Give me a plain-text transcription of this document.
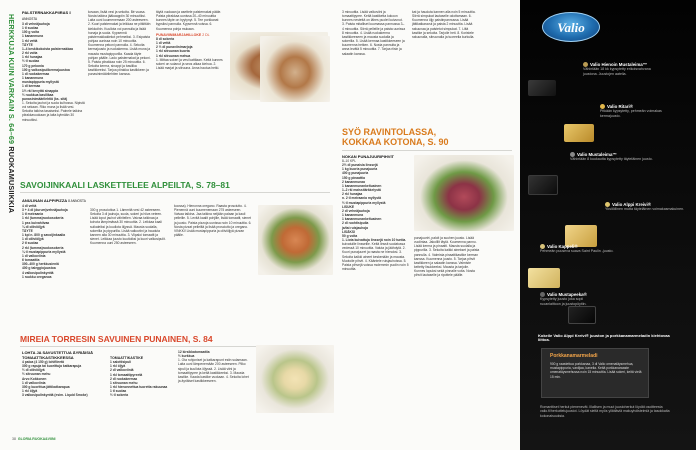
HERKKUJA KUIN VARKAIN S. 64–69 RUOKAMUSIIKKIA
PALSTERNAKKAPIIRAS 8 ANNOSTA
3 dl vehnäjauhoja
1 tl suolaa
100 g voita
1 kananmuna
1 rkl vettä
TÄYTE
1–4 keskikokoista palsternakkaa
2 rkl voita
1 rkl hunajaa
½ tl suolaa
170 g pekonia
100 g valkosipulikermajuustoa
1 dl ruokakermaa
1 kananmuna
mustapippuria myllystä
1 dl kermaa
1½ rkl kevyttä sinappia
½ ruukkua basilikaa
punasinimäärilehtiä (ks. sitä)

1. Sekoita jauhot ja suola kulhossa. Nipistä voi sekaan. Riko muna ja lisää vesi. Sekoita taikina tasaiseksi. Painele taikina piirakkavuokaan ja laita kylmään 30 minuutiksi.

kovaan, lisää vesi ja sekoita. Bé vuasa. Nosta taikina jääkaappiin 30 minuutiksi. Laita uuni kuumenemaan 200 asteeseen. 2. Kuori palsternakat ja leikkaa ne pitkittäin kiekkoihin. Kuullota voi pannulla ja lisää hunaja ja suola. Kypsennä palsternakkakiekot pehmeiksi. 3. Esipaista pohjaa uunissa noin 10 minuuttia. Kuumenna pekoni pannulla. 4. Sekoita kermajuusto ja ruokakerma. Lisää muna ja mausta mustapippurilla. Kaada täyte pohjan päälle. Lado palsternakat ja pekoni. 5. Paista piirakkaa noin 25 minuuttia. 6. Sekoita kerma, sinappi ja basilika kastikkeeksi. Tarjoa piirakka kastikkeen ja punasinimäärilehtien kanssa.

täytä vuokaan ja asettele palsternakat pääle. Paista piirakkaa uunissa 20–40 minuuttia kunnes täyte on hyytynyt. 5. Tee porkkanat kypsiksi pannulla. Kypsennä voissa. 6. Kuumenna pohja mukaan.

PUNAVIINIMARJAHILLOKE 2 DL
8 dl sokeria
1 dl vettä
2 ½ dl punaviinimarjoja
1 rkl sitruunan kuorta
1 rkl sitruunan mehua

1. Mittaa sokeri ja vesi kattilaan. Keitä kunnes sokeri on sulanut ja seos alkaa kiehua. 2. Lisää marjat ja sitruuna. Anna hautua hetki.

SAVOIJINKAALI LASKETTELEE ALPEILTA, S. 78–81
ANULINAN ALPPIPIZZA 8 ANNOSTA
4 dl vettä
3 + 4 dl (durum)vehnäjauhoja
1 tl meiraania
1 rkl (tumma)ruokosokeria
1 pss kuivahiivaa
¼ dl oliiviöljyä
TÄYTE
1 kpl n. 800 g savoijinkaalia
1 dl oliiviöljyä
2 tl suolaa
2 rkl (tumma)ruokosokeria
¼ tl mustapippuria myllystä
1 dl valkoviinia
6 tomaattia
300–400 g herkkusieniä
400 g taleggiojuustoa
4 valkosipulinkynttä
1 ruukku oreganoa

300 g prosciuttoa 1. Lämmitä vesi 42 asteeseen. Sekoita 3 dl jauhoja, suola, sokeri ja hiiva veteen. Lisää loput jauhot vähitellen. Vaivaa taikinaa ja kohota lämpimässä 30 minuuttia. 2. Leikkaa kaali suikaleiksi ja kuullota öljyssä. Mausta suolalla, sokerilla ja pippurilla. Lisää valkoviini ja hauduta kannen alla 30 minuuttia. 3. Viipaloi tomaatit ja sienet. Leikkaa juusto kuutioiksi ja kuori valkosipulit. Kuumenna uuni 250 asteeseen.

koossa). Hienonna oregano. Raasta prosciutto. 4. Pienennä uuni kuumenemaan 275 asteeseen. Vaivaa taikina. Jaa taikina neljään palaan ja kauli pelleille. 5. Levitä kaalit pohjille, lisää tomaatit, sienet ja juusto. Paista pizzoja uunissa noin 10 minuuttia. 6. Nosta pizzat pelleiltä ja lisää prosciutto ja oregano. VINKKI! Lisää mustapippuria ja oliiviöljyä pizzan päälle.

MIREIA TORRESIN SAVUINEN PUNAINEN, S. 84
LOHTA JA SAVUSTETTUA ÄYRIÄISIÄ TOMAATTIKASTIKKEESSA
4 paloa (4 150 g) lohifileetä
300 g rapuja tai kuorittuja katkarapuja
½ dl oliiviöljyä
½ sitruunan mehu
Arvo Kokkonen
1 dl valkoviinia
300 g kuorittua jättikatkarapua
1 rkl öljyä
3 valkosipulinkynttä (esim. Liquid Smoke)
TOMAATTIKASTIKE
1 salottisipuli
1 rkl öljyä
2 dl valkoviiniä
1 rkl tomaattipyreetä
2 dl ruokakermaa
1 sitruunan mehu
1 rkl hienonnettua tuoretta rakuunaa
1 tl suolaa
½ tl sokeria
12 kirsikkatomaattia
½ kurkkua

1. Ota ruhjoniset ja katkarapunt esiin sulamaan. Laita uuni lämpenemään 200 asteeseen. Pilko sipuli ja kuullota öljyssä. 2. Lisää viini ja tomaattipyree ja keitä kastikkeeksi. 3. Mausta kastike. Kaada kastike vuokaan. 4. Sekoita lohet ja äyriäiset kastikkeeseen.

38 GLORIA RUOKA&VIINI

3 minuuttia. Lisää valkoviini ja tomaattipyree. Keitä kastiketta kokoon kunnes nestettä on lähes puolet kuivunut. 3. Paista mitalliset kuumassa pannussa 3–4 minuuttia. Siirrä pelleille ja paista uunissa 8 minuuttia. 4. Lisää ruokakerma kastikkeeseen ja mausta suolalla ja sokerilla. 5. Lisää kermaa kastikkeeseen ja kuumenna hetken. 6. Nosta pannulta ja anna levätä 5 minuuttia. 7. Tarjoa riisin ja salaatin kanssa.

kat ja hauduta kannen alla noin 5 minuuttia. Siirrä simpukat lautaselle odottamaan. 6. Kuumenna öljy paistinpannussa. Lisää jättikatkaravut ja paista 2 minuuttia. Lisää rakuunaa ja paistetut simpukat. 7. Liitä kastike ja sekoita. Tarjoile heti. 8. Koristele rakuunalla, sitruunalla ja tuoreella kurkulla.

SYÖ RAVINTOLASSA,
KOKKAA KOTONA, S. 90
NOKAN PUNAJUURIPIHVIT
8–10 KPL
2½ dl punaisia linssejä
1 kg kuoria punajuuria
400 g punajuuria
150 g pinaattia
2 kananmunaa
1 kananmunankeltuainen
1–2 rkl maissitärkkelystä
2 rkl hunajaa
n. 2 tl meiraania myllystä
½ tl mustapippuria myllystä
LISUKE
2 dl vehnäjauhoja
1 kananmuna
1 kananmunankeltuainen
2 dl ruohtisipulia
ja/tai ruisjauhoja
LISÄKSI
50 g voita
1. Liota kuivattuja linssejä noin 10 tuntia.

kuivatuille linsseille. Keitä linssit suolatussa vedessä 10 minuuttia. Valuta ja jäähdytä. 2. Kuori punajuuret ja raasta ne hienoksi. 3. Sekoita kaikki aineet keskenään ja mausta. Muotoile pihvit. 4. Kääntele ruisjauhoissa. 5. Paista pihvejä voissa molemmin puolin noin 5 minuuttia.

punajuurirt, paloit ja suuhen juusto. Lisää vuolintaa. Jakolllit täytä. Kuumenna pannu. Lisää kerma ja pinaatti. Mausta suolalla ja pippurilla. 3. Sekoita kaikki ainekset ja paista pannulla. 4. Valmista pinaattikastike kerman kanssa. Kuumenna juusto. 5. Tarjoa pihvit kastikkeen ja salaatin kanssa. Valmiste keitetty lisukkeeksi. Mausta ja tarjoile. Kunnes lopuksi sekä pinnalle voita. Nosta pihvit lautaselle ja ripottele päälle.

Valio
Valio Hienoin Mustaleima™
Vähintään 18 kk kypsytetty erikoisvahvana juustona. Juustojen aatelia.
Valio Ritari®
Pitkään kypsytetty, pehmeän voimakas kermajuusto.
Valio Mustaleima™
Vähintään 8 kuukautta kypsytetty täyteläinen juusto.
Valio Alppi Kreivi®
Yksilöllinen mutta täyteläinen voimakasmakuinen.
Valio Kappeli®
Pehmeän puuseva suava Saint Paulin -juusto.
Valio Mustapeeka®
Kypsytetty juusto joka sopii ruoanlaittoon ja juustopöytiin.
Kokeile Valio Alppi Kreivi® juuston ja porkkanamarmeladin kiehtovaa liittoa.
Porkkanamarmeladi
900 g raastettua porkkanaa, 3 dl Valio omenatäysmehua, mustapippuria, vaniljaa, kanelia. Keitä porkkanaraaste omenatäysmehussa noin 15 minuuttia. Lisää sokeri, keitä vielä 15 min.
Romanttiset herkut pienenevät. Illallisen ja muut juustoherkut löydät osoitteesta valio.fi/herkuttelujuustot. Löydät sieltä myös yllättäviä makuyhdistelmiä ja tasokkaita kokonaisuuksia.
